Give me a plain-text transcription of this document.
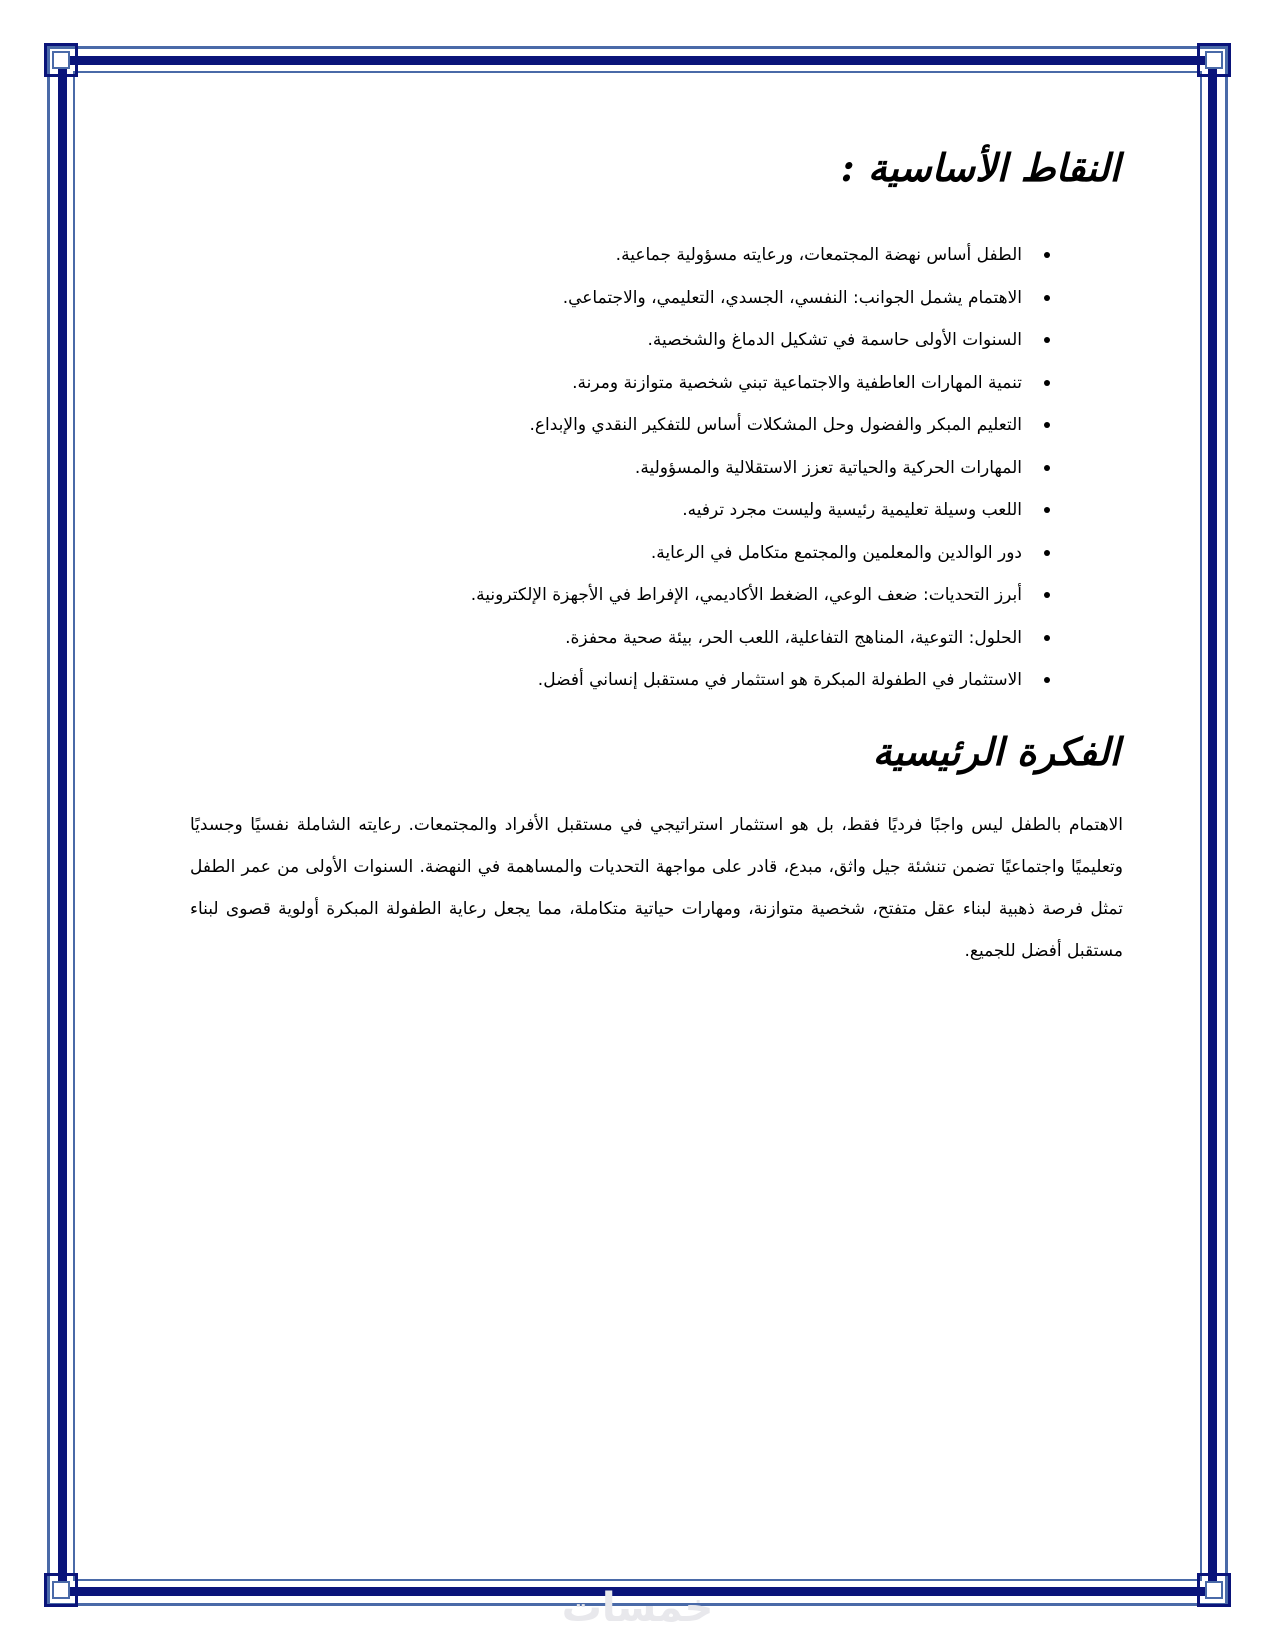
النقاط الأساسية :
الطفل أساس نهضة المجتمعات، ورعايته مسؤولية جماعية.
الاهتمام يشمل الجوانب: النفسي، الجسدي، التعليمي، والاجتماعي.
السنوات الأولى حاسمة في تشكيل الدماغ والشخصية.
تنمية المهارات العاطفية والاجتماعية تبني شخصية متوازنة ومرنة.
التعليم المبكر والفضول وحل المشكلات أساس للتفكير النقدي والإبداع.
المهارات الحركية والحياتية تعزز الاستقلالية والمسؤولية.
اللعب وسيلة تعليمية رئيسية وليست مجرد ترفيه.
دور الوالدين والمعلمين والمجتمع متكامل في الرعاية.
أبرز التحديات: ضعف الوعي، الضغط الأكاديمي، الإفراط في الأجهزة الإلكترونية.
الحلول: التوعية، المناهج التفاعلية، اللعب الحر، بيئة صحية محفزة.
الاستثمار في الطفولة المبكرة هو استثمار في مستقبل إنساني أفضل.
الفكرة الرئيسية

الاهتمام بالطفل ليس واجبًا فرديًا فقط، بل هو استثمار استراتيجي في مستقبل الأفراد والمجتمعات. رعايته الشاملة نفسيًا وجسديًا وتعليميًا واجتماعيًا تضمن تنشئة جيل واثق، مبدع، قادر على مواجهة التحديات والمساهمة في النهضة. السنوات الأولى من عمر الطفل تمثل فرصة ذهبية لبناء عقل متفتح، شخصية متوازنة، ومهارات حياتية متكاملة، مما يجعل رعاية الطفولة المبكرة أولوية قصوى لبناء مستقبل أفضل للجميع.

خمسات
